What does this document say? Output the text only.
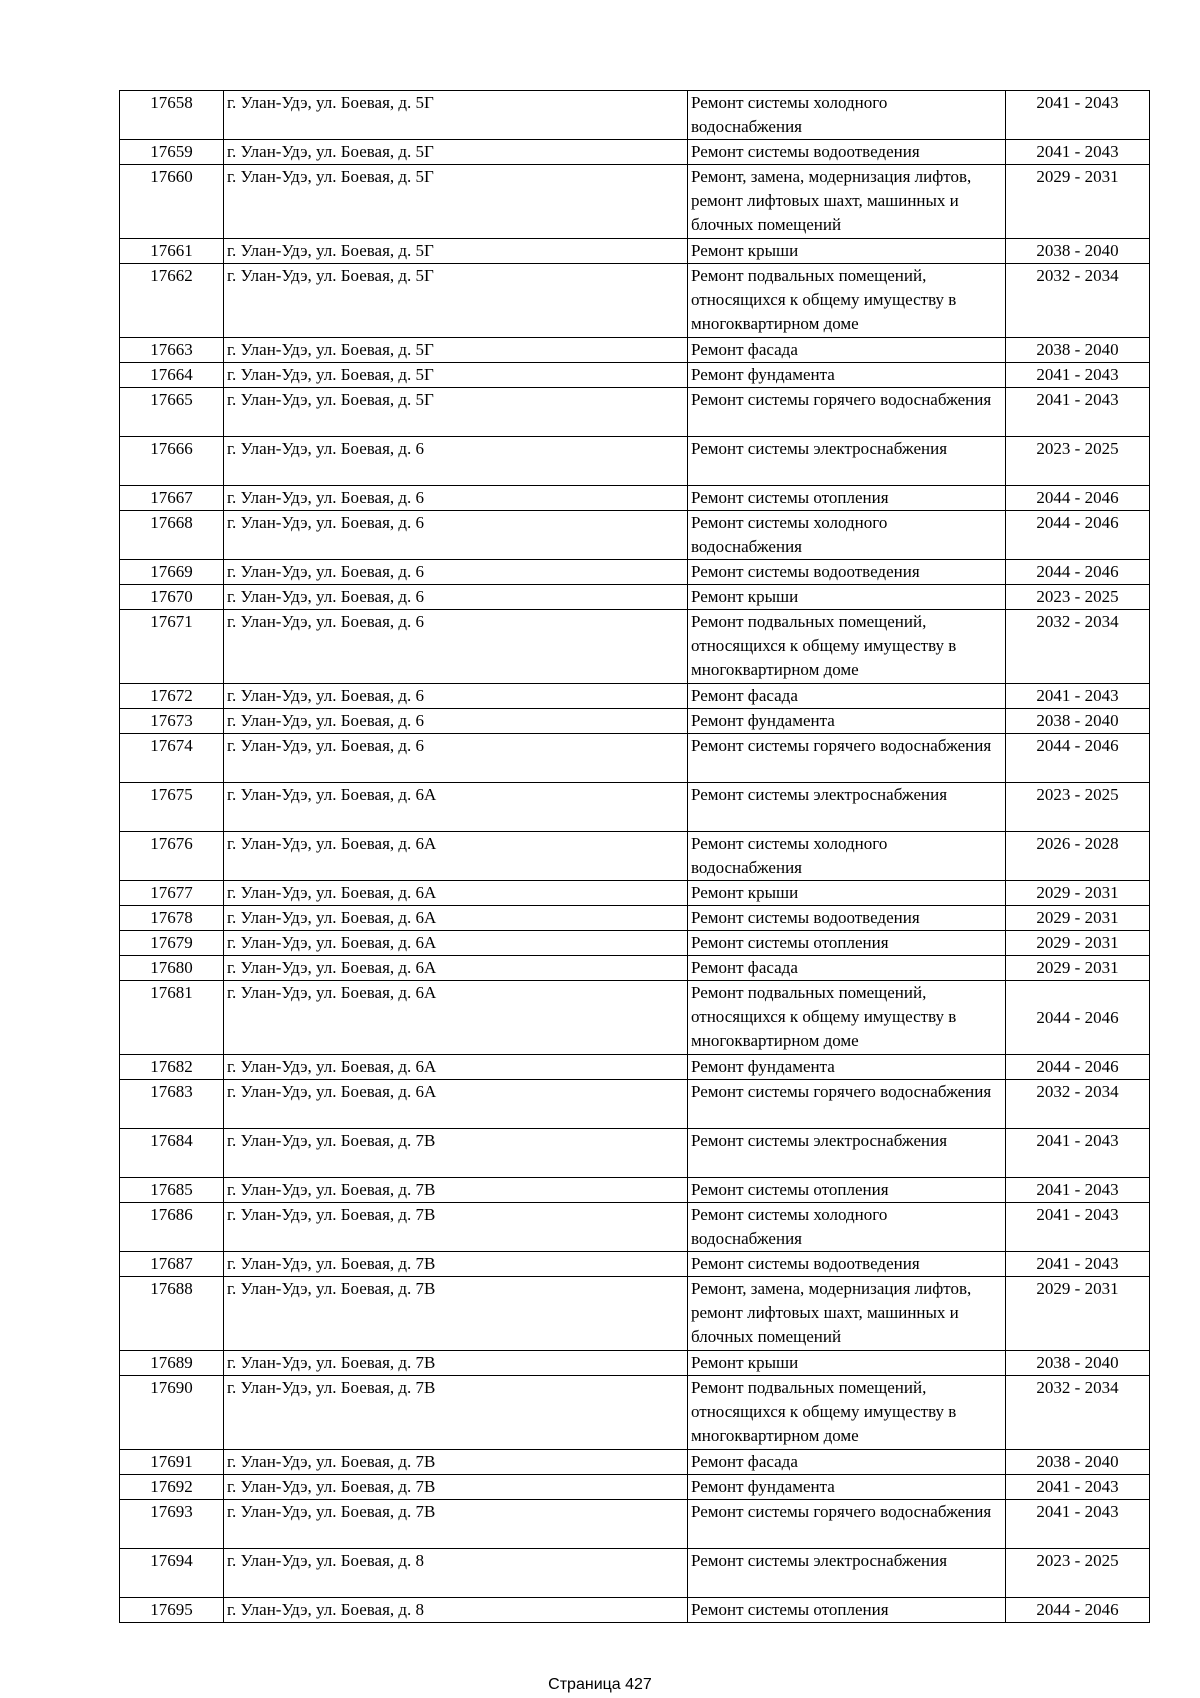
17658	г. Улан-Удэ, ул. Боевая, д. 5Г	Ремонт системы холодного водоснабжения	2041 - 2043
17659	г. Улан-Удэ, ул. Боевая, д. 5Г	Ремонт системы водоотведения	2041 - 2043
17660	г. Улан-Удэ, ул. Боевая, д. 5Г	Ремонт, замена, модернизация лифтов, ремонт лифтовых шахт, машинных и блочных помещений	2029 - 2031
17661	г. Улан-Удэ, ул. Боевая, д. 5Г	Ремонт крыши	2038 - 2040
17662	г. Улан-Удэ, ул. Боевая, д. 5Г	Ремонт подвальных помещений, относящихся к общему имуществу в многоквартирном доме	2032 - 2034
17663	г. Улан-Удэ, ул. Боевая, д. 5Г	Ремонт фасада	2038 - 2040
17664	г. Улан-Удэ, ул. Боевая, д. 5Г	Ремонт фундамента	2041 - 2043
17665	г. Улан-Удэ, ул. Боевая, д. 5Г	Ремонт системы горячего водоснабжения	2041 - 2043
17666	г. Улан-Удэ, ул. Боевая, д. 6	Ремонт системы электроснабжения	2023 - 2025
17667	г. Улан-Удэ, ул. Боевая, д. 6	Ремонт системы отопления	2044 - 2046
17668	г. Улан-Удэ, ул. Боевая, д. 6	Ремонт системы холодного водоснабжения	2044 - 2046
17669	г. Улан-Удэ, ул. Боевая, д. 6	Ремонт системы водоотведения	2044 - 2046
17670	г. Улан-Удэ, ул. Боевая, д. 6	Ремонт крыши	2023 - 2025
17671	г. Улан-Удэ, ул. Боевая, д. 6	Ремонт подвальных помещений, относящихся к общему имуществу в многоквартирном доме	2032 - 2034
17672	г. Улан-Удэ, ул. Боевая, д. 6	Ремонт фасада	2041 - 2043
17673	г. Улан-Удэ, ул. Боевая, д. 6	Ремонт фундамента	2038 - 2040
17674	г. Улан-Удэ, ул. Боевая, д. 6	Ремонт системы горячего водоснабжения	2044 - 2046
17675	г. Улан-Удэ, ул. Боевая, д. 6А	Ремонт системы электроснабжения	2023 - 2025
17676	г. Улан-Удэ, ул. Боевая, д. 6А	Ремонт системы холодного водоснабжения	2026 - 2028
17677	г. Улан-Удэ, ул. Боевая, д. 6А	Ремонт крыши	2029 - 2031
17678	г. Улан-Удэ, ул. Боевая, д. 6А	Ремонт системы водоотведения	2029 - 2031
17679	г. Улан-Удэ, ул. Боевая, д. 6А	Ремонт системы отопления	2029 - 2031
17680	г. Улан-Удэ, ул. Боевая, д. 6А	Ремонт фасада	2029 - 2031
17681	г. Улан-Удэ, ул. Боевая, д. 6А	Ремонт подвальных помещений, относящихся к общему имуществу в многоквартирном доме	2044 - 2046
17682	г. Улан-Удэ, ул. Боевая, д. 6А	Ремонт фундамента	2044 - 2046
17683	г. Улан-Удэ, ул. Боевая, д. 6А	Ремонт системы горячего водоснабжения	2032 - 2034
17684	г. Улан-Удэ, ул. Боевая, д. 7В	Ремонт системы электроснабжения	2041 - 2043
17685	г. Улан-Удэ, ул. Боевая, д. 7В	Ремонт системы отопления	2041 - 2043
17686	г. Улан-Удэ, ул. Боевая, д. 7В	Ремонт системы холодного водоснабжения	2041 - 2043
17687	г. Улан-Удэ, ул. Боевая, д. 7В	Ремонт системы водоотведения	2041 - 2043
17688	г. Улан-Удэ, ул. Боевая, д. 7В	Ремонт, замена, модернизация лифтов, ремонт лифтовых шахт, машинных и блочных помещений	2029 - 2031
17689	г. Улан-Удэ, ул. Боевая, д. 7В	Ремонт крыши	2038 - 2040
17690	г. Улан-Удэ, ул. Боевая, д. 7В	Ремонт подвальных помещений, относящихся к общему имуществу в многоквартирном доме	2032 - 2034
17691	г. Улан-Удэ, ул. Боевая, д. 7В	Ремонт фасада	2038 - 2040
17692	г. Улан-Удэ, ул. Боевая, д. 7В	Ремонт фундамента	2041 - 2043
17693	г. Улан-Удэ, ул. Боевая, д. 7В	Ремонт системы горячего водоснабжения	2041 - 2043
17694	г. Улан-Удэ, ул. Боевая, д. 8	Ремонт системы электроснабжения	2023 - 2025
17695	г. Улан-Удэ, ул. Боевая, д. 8	Ремонт системы отопления	2044 - 2046
Страница 427
